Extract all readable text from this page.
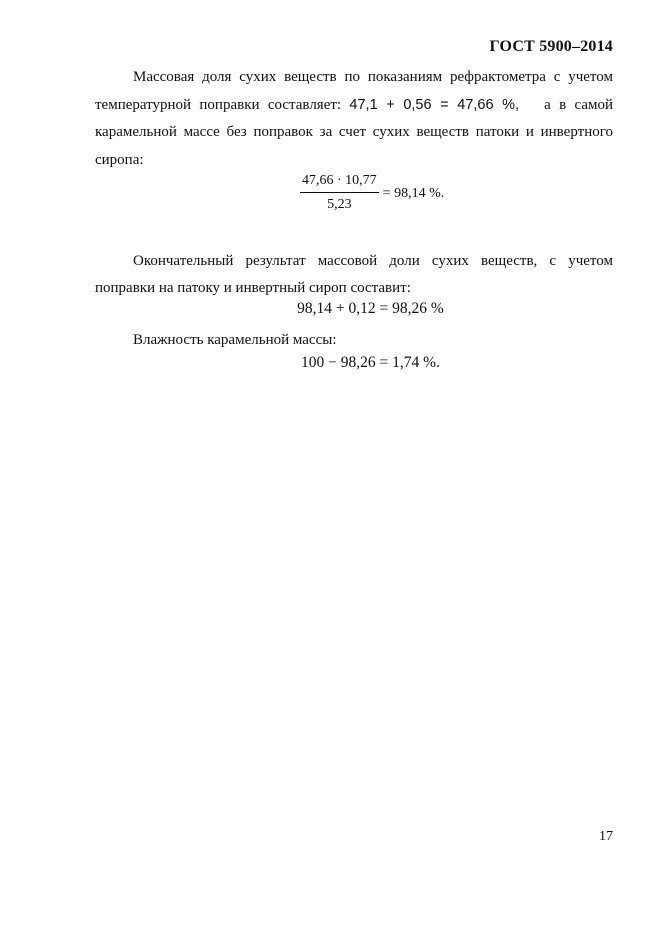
ГОСТ 5900–2014

Массовая доля сухих веществ по показаниям рефрактометра с учетом температурной поправки составляет: 47,1 + 0,56 = 47,66 %,   а в самой карамельной массе без поправок за счет сухих веществ патоки и инвертного сиропа:

$\frac{47,66 \cdot 10,77}{5,23} = 98,14$ %.

Окончательный результат массовой доли сухих веществ, с учетом поправки на патоку и инвертный сироп составит:

98,14 + 0,12 = 98,26 %

Влажность карамельной массы:

100 − 98,26 = 1,74 %.
17
